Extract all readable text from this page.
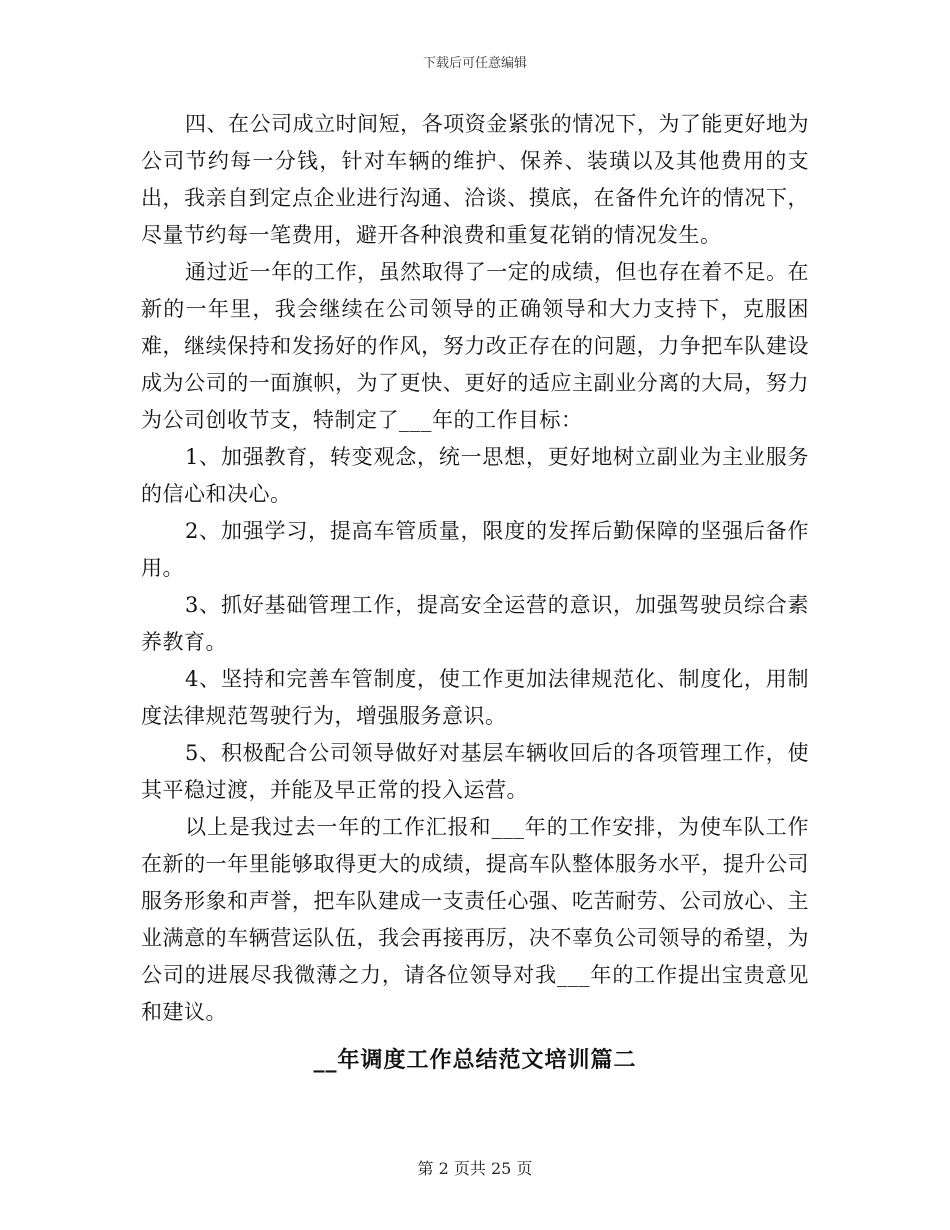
下载后可任意编辑

四、在公司成立时间短，各项资金紧张的情况下，为了能更好地为公司节约每一分钱，针对车辆的维护、保养、装璜以及其他费用的支出，我亲自到定点企业进行沟通、洽谈、摸底，在备件允许的情况下，尽量节约每一笔费用，避开各种浪费和重复花销的情况发生。

通过近一年的工作，虽然取得了一定的成绩，但也存在着不足。在新的一年里，我会继续在公司领导的正确领导和大力支持下，克服困难，继续保持和发扬好的作风，努力改正存在的问题，力争把车队建设成为公司的一面旗帜，为了更快、更好的适应主副业分离的大局，努力为公司创收节支，特制定了___年的工作目标：

1、加强教育，转变观念，统一思想，更好地树立副业为主业服务的信心和决心。

2、加强学习，提高车管质量，限度的发挥后勤保障的坚强后备作用。

3、抓好基础管理工作，提高安全运营的意识，加强驾驶员综合素养教育。

4、坚持和完善车管制度，使工作更加法律规范化、制度化，用制度法律规范驾驶行为，增强服务意识。

5、积极配合公司领导做好对基层车辆收回后的各项管理工作，使其平稳过渡，并能及早正常的投入运营。

以上是我过去一年的工作汇报和___年的工作安排，为使车队工作在新的一年里能够取得更大的成绩，提高车队整体服务水平，提升公司服务形象和声誉，把车队建成一支责任心强、吃苦耐劳、公司放心、主业满意的车辆营运队伍，我会再接再厉，决不辜负公司领导的希望，为公司的进展尽我微薄之力，请各位领导对我___年的工作提出宝贵意见和建议。

__年调度工作总结范文培训篇二
第 2 页共 25 页
